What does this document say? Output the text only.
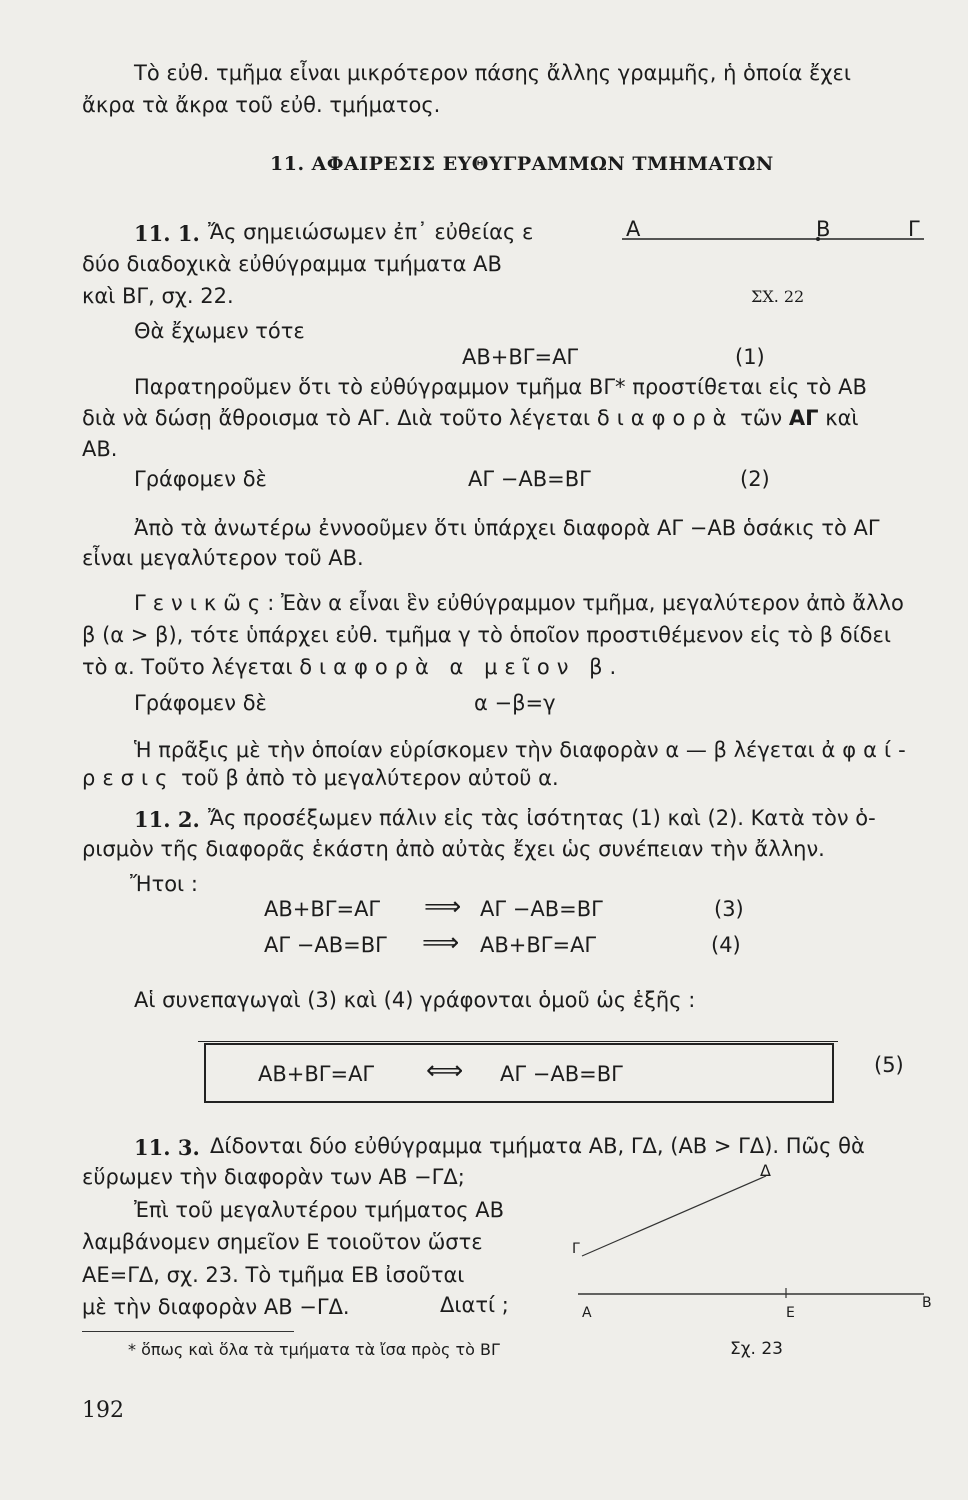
Τὸ εὐθ. τμῆμα εἶναι μικρότερον πάσης ἄλλης γραμμῆς, ἡ ὁποία ἔχει
ἄκρα τὰ ἄκρα τοῦ εὐθ. τμήματος.
11. ΑΦΑΙΡΕΣΙΣ ΕΥΘΥΓΡΑΜΜΩΝ ΤΜΗΜΑΤΩΝ
11. 1. Ἄς σημειώσωμεν ἐπ᾽ εὐθείας ε
δύο διαδοχικὰ εὐθύγραμμα τμήματα ΑΒ
καὶ ΒΓ, σχ. 22.
Θὰ ἔχωμεν τότε
ΑΒ+ΒΓ=ΑΓ	(1)
Παρατηροῦμεν ὅτι τὸ εὐθύγραμμον τμῆμα ΒΓ* προστίθεται εἰς τὸ ΑΒ
διὰ νὰ δώσῃ ἄθροισμα τὸ ΑΓ. Διὰ τοῦτο λέγεται διαφορὰ τῶν ΑΓ καὶ
ΑΒ.
Γράφομεν δὲ	ΑΓ −ΑΒ=ΒΓ	(2)
Ἀπὸ τὰ ἀνωτέρω ἐννοοῦμεν ὅτι ὑπάρχει διαφορὰ ΑΓ −ΑΒ ὁσάκις τὸ ΑΓ
εἶναι μεγαλύτερον τοῦ ΑΒ.
Γενικῶς: Ἐὰν α εἶναι ἓν εὐθύγραμμον τμῆμα, μεγαλύτερον ἀπὸ ἄλλο
β (α > β), τότε ὑπάρχει εὐθ. τμῆμα γ τὸ ὁποῖον προστιθέμενον εἰς τὸ β δίδει
τὸ α. Τοῦτο λέγεται διαφορὰ α μεῖον β.
Γράφομεν δὲ	α −β=γ
Ἡ πρᾶξις μὲ τὴν ὁποίαν εὑρίσκομεν τὴν διαφορὰν α — β λέγεται ἀφαί-
ρεσις τοῦ β ἀπὸ τὸ μεγαλύτερον αὐτοῦ α.
Α	Β	Γ
ΣΧ. 22
11. 2. Ἄς προσέξωμεν πάλιν εἰς τὰς ἰσότητας (1) καὶ (2). Κατὰ τὸν ὁ-
ρισμὸν τῆς διαφορᾶς ἑκάστη ἀπὸ αὐτὰς ἔχει ὡς συνέπειαν τὴν ἄλλην.
Ἤτοι :
ΑΒ+ΒΓ=ΑΓ ⟹ ΑΓ −ΑΒ=ΒΓ	(3)
ΑΓ −ΑΒ=ΒΓ ⟹ ΑΒ+ΒΓ=ΑΓ	(4)
Αἱ συνεπαγωγαὶ (3) καὶ (4) γράφονται ὁμοῦ ὡς ἑξῆς :
ΑΒ+ΒΓ=ΑΓ ⟺ ΑΓ −ΑΒ=ΒΓ	(5)
11. 3. Δίδονται δύο εὐθύγραμμα τμήματα ΑΒ, ΓΔ, (ΑΒ > ΓΔ). Πῶς θὰ
εὕρωμεν τὴν διαφορὰν των ΑΒ −ΓΔ;
Ἐπὶ τοῦ μεγαλυτέρου τμήματος ΑΒ
λαμβάνομεν σημεῖον Ε τοιοῦτον ὥστε
ΑΕ=ΓΔ, σχ. 23. Τὸ τμῆμα ΕΒ ἰσοῦται
μὲ τὴν διαφορὰν ΑΒ −ΓΔ.	Διατί ;
Δ
Γ
Α	Ε
Β
Σχ. 23
* ὅπως καὶ ὅλα τὰ τμήματα τὰ ἴσα πρὸς τὸ ΒΓ
192
